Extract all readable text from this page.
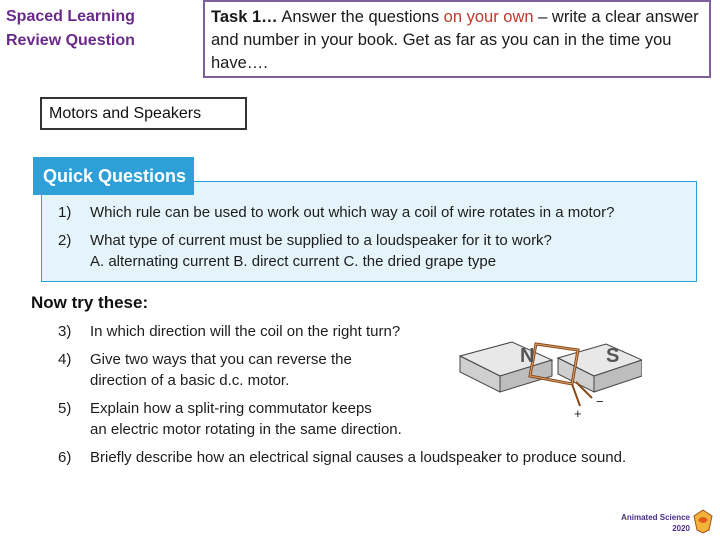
Spaced Learning
Review Question
Task 1… Answer the questions on your own – write a clear answer and number in your book. Get as far as you can in the time you have….
Motors and Speakers
Quick Questions
1) Which rule can be used to work out which way a coil of wire rotates in a motor?
2) What type of current must be supplied to a loudspeaker for it to work?
A. alternating current B. direct current C. the dried grape type
Now try these:
3) In which direction will the coil on the right turn?
4) Give two ways that you can reverse the
direction of a basic d.c. motor.
5) Explain how a split-ring commutator keeps
an electric motor rotating in the same direction.
6) Briefly describe how an electrical signal causes a loudspeaker to produce sound.
N	S
+
−
Animated Science
2020
